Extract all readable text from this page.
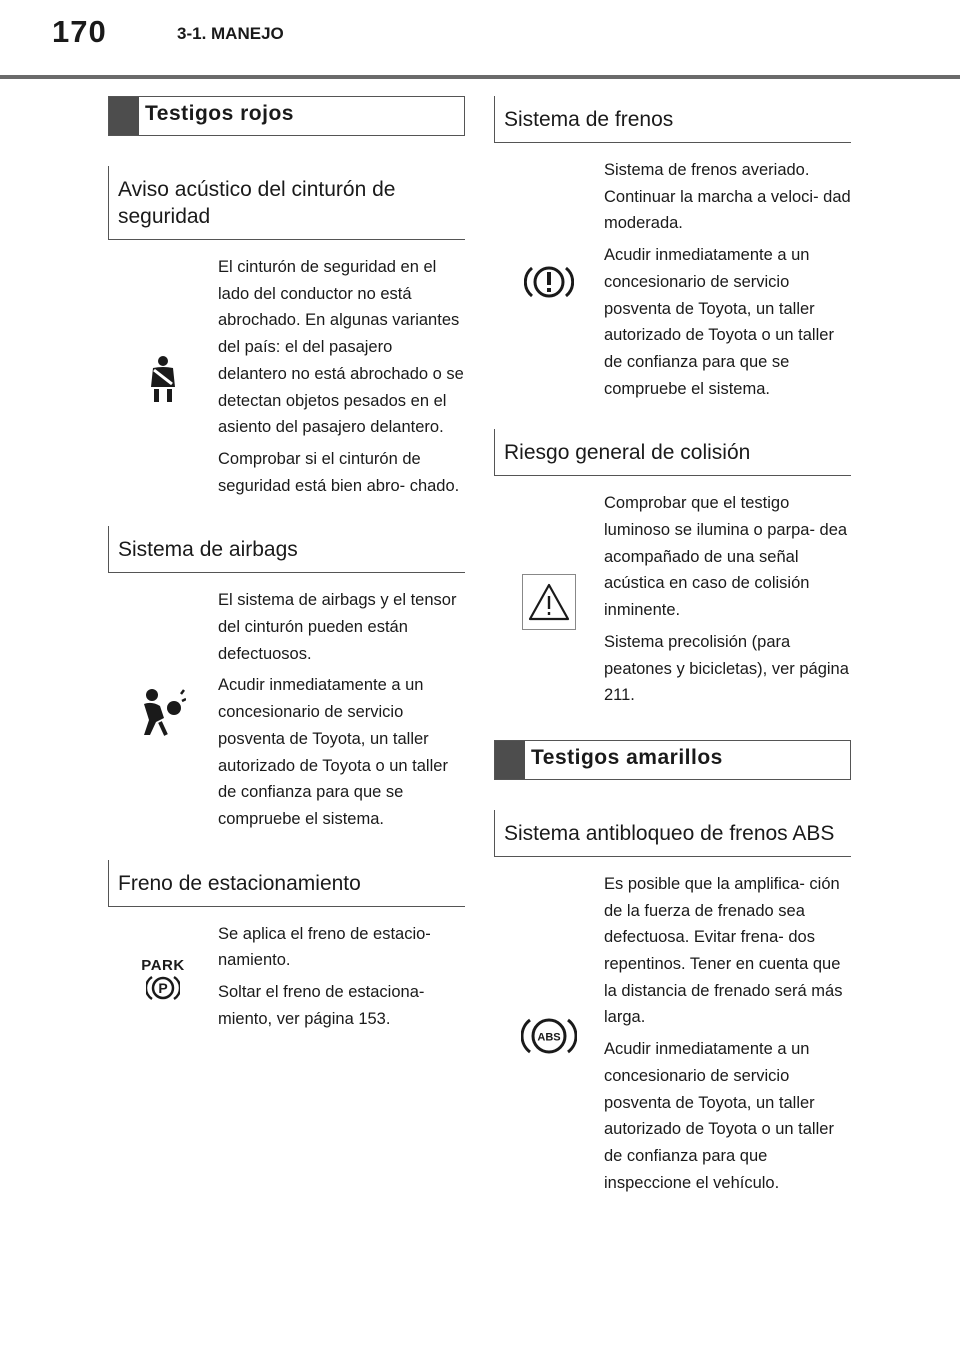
170	3-1. MANEJO
Testigos rojos
Aviso acústico del cinturón de seguridad

El cinturón de seguridad en el lado del conductor no está abrochado. En algunas variantes del país: el del pasajero delantero no está abrochado o se detectan objetos pesados en el asiento del pasajero delantero.

Comprobar si el cinturón de seguridad está bien abro- chado.

Sistema de airbags

El sistema de airbags y el tensor del cinturón pueden están defectuosos.

Acudir inmediatamente a un concesionario de servicio posventa de Toyota, un taller autorizado de Toyota o un taller de confianza para que se compruebe el sistema.

Freno de estacionamiento
PARK
P

Se aplica el freno de estacio- namiento.

Soltar el freno de estaciona- miento, ver página 153.

Sistema de frenos

Sistema de frenos averiado. Continuar la marcha a veloci- dad moderada.

Acudir inmediatamente a un concesionario de servicio posventa de Toyota, un taller autorizado de Toyota o un taller de confianza para que se compruebe el sistema.

Riesgo general de colisión

Comprobar que el testigo luminoso se ilumina o parpa- dea acompañado de una señal acústica en caso de colisión inminente.

Sistema precolisión (para peatones y bicicletas), ver página 211.

Testigos amarillos
Sistema antibloqueo de frenos ABS
ABS

Es posible que la amplifica- ción de la fuerza de frenado sea defectuosa. Evitar frena- dos repentinos. Tener en cuenta que la distancia de frenado será más larga.

Acudir inmediatamente a un concesionario de servicio posventa de Toyota, un taller autorizado de Toyota o un taller de confianza para que inspeccione el vehículo.
